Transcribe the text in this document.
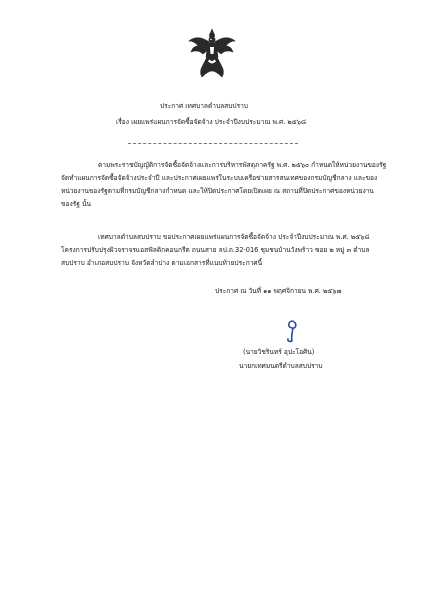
ประกาศ เทศบาลตำบลสบปราบ
เรื่อง เผยแพร่แผนการจัดซื้อจัดจ้าง ประจำปีงบประมาณ พ.ศ. ๒๕๖๘
ตามพระราชบัญญัติการจัดซื้อจัดจ้างและการบริหารพัสดุภาครัฐ พ.ศ. ๒๕๖๐ กำหนดให้หน่วยงานของรัฐ
จัดทำแผนการจัดซื้อจัดจ้างประจำปี และประกาศเผยแพร่ในระบบเครือข่ายสารสนเทศของกรมบัญชีกลาง และของ
หน่วยงานของรัฐตามที่กรมบัญชีกลางกำหนด และให้ปิดประกาศโดยเปิดเผย ณ สถานที่ปิดประกาศของหน่วยงาน
ของรัฐ นั้น
เทศบาลตำบลสบปราบ ขอประกาศเผยแพร่แผนการจัดซื้อจัดจ้าง ประจำปีงบประมาณ พ.ศ. ๒๕๖๘
โครงการปรับปรุงผิวจราจรแอสฟัลติกคอนกรีต ถนนสาย ลป.ถ.32-016 ชุมชนบ้านวังพร้าว ซอย ๒ หมู่ ๓ ตำบล
สบปราบ อำเภอสบปราบ จังหวัดลำปาง ตามเอกสารที่แนบท้ายประกาศนี้
ประกาศ ณ วันที่ ๑๑ พฤศจิกายน พ.ศ. ๒๕๖๗
(นายวิชรินทร์ อุปะโอศิน)
นายกเทศมนตรีตำบลสบปราบ
